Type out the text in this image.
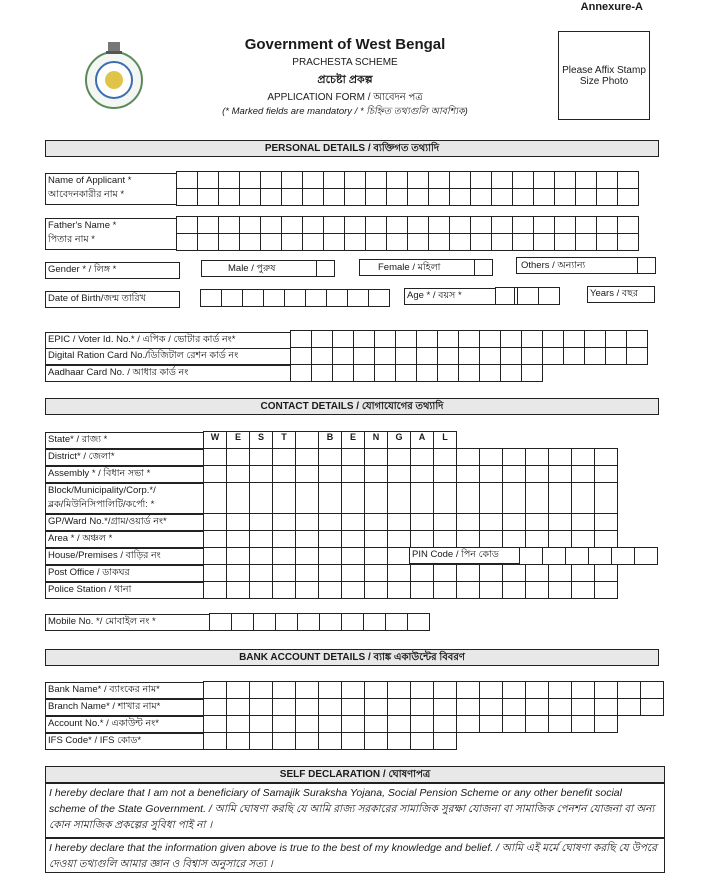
Annexure-A
Government of West Bengal
PRACHESTA SCHEME
প্রচেষ্টা প্রকল্প
APPLICATION FORM / আবেদন পত্র
(* Marked fields are mandatory / * চিহ্নিত তথ্যগুলি আবশ্যিক)
Please Affix Stamp Size Photo
PERSONAL DETAILS / ব্যক্তিগত তথ্যাদি
Name of Applicant *
আবেদনকারীর নাম *
Father's Name *
পিতার নাম *
Gender * / লিঙ্গ *	Male / পুরুষ	Female / মহিলা	Others / অন্যান্য
Date of Birth/জন্ম তারিখ	Age * / বয়স *	Years / বছর
EPIC / Voter Id. No.* / এপিক / ভোটার কার্ড নং*
Digital Ration Card No./ডিজিটাল রেশন কার্ড নং
Aadhaar Card No. / আধার কার্ড নং
CONTACT DETAILS / যোগাযোগের তথ্যাদি
State* / রাজ্য *	W	E	S	T	B	E	N	G	A	L
District* / জেলা*
Assembly * / বিধান সভা *
Block/Municipality/Corp.*/
ব্লক/মিউনিসিপালিটি/কর্পো: *
GP/Ward No.*/গ্রাম/ওয়ার্ড নং*
Area * / অঞ্চল *
House/Premises / বাড়ির নং	PIN Code / পিন কোড
Post Office / ডাকঘর
Police Station / থানা
Mobile No. */ মোবাইল নং *
BANK ACCOUNT DETAILS / ব্যাঙ্ক একাউন্টের বিবরণ
Bank Name* / ব্যাংকের নাম*
Branch Name* / শাখার নাম*
Account No.* / একাউন্ট নং*
IFS Code* / IFS কোড*
SELF DECLARATION / ঘোষণাপত্র
I hereby declare that I am not a beneficiary of Samajik Suraksha Yojana, Social Pension Scheme or any other benefit social scheme of the State Government. / আমি ঘোষণা করছি যে আমি রাজ্য সরকারের সামাজিক সুরক্ষা যোজনা বা সামাজিক পেনশন যোজনা বা অন্য কোন সামাজিক প্রকল্পের সুবিধা পাই না ।
I hereby declare that the information given above is true to the best of my knowledge and belief. / আমি এই মর্মে ঘোষণা করছি যে উপরে দেওয়া তথ্যগুলি আমার জ্ঞান ও বিশ্বাস অনুসারে সত্য ।
